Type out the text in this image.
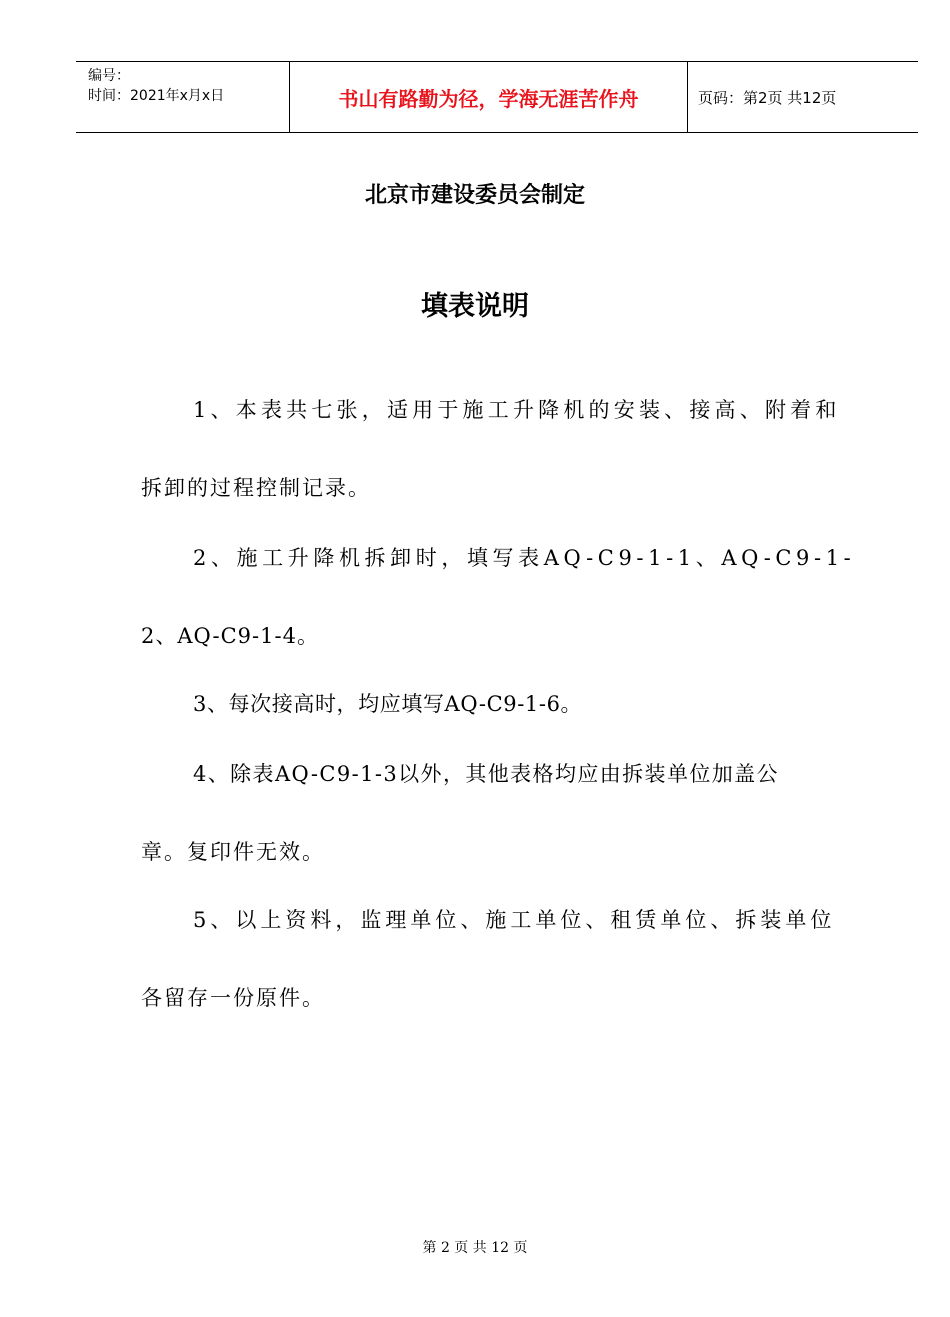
编号：
时间：2021年x月x日	书山有路勤为径，学海无涯苦作舟	页码：第2页 共12页
北京市建设委员会制定
填表说明
1、本表共七张，适用于施工升降机的安装、接高、附着和
拆卸的过程控制记录。
2、施工升降机拆卸时，填写表AQ-C9-1-1、AQ-C9-1-
2、AQ-C9-1-4。
3、每次接高时，均应填写AQ-C9-1-6。
4、除表AQ-C9-1-3以外，其他表格均应由拆装单位加盖公
章。复印件无效。
5、以上资料，监理单位、施工单位、租赁单位、拆装单位
各留存一份原件。
第 2 页 共 12 页
